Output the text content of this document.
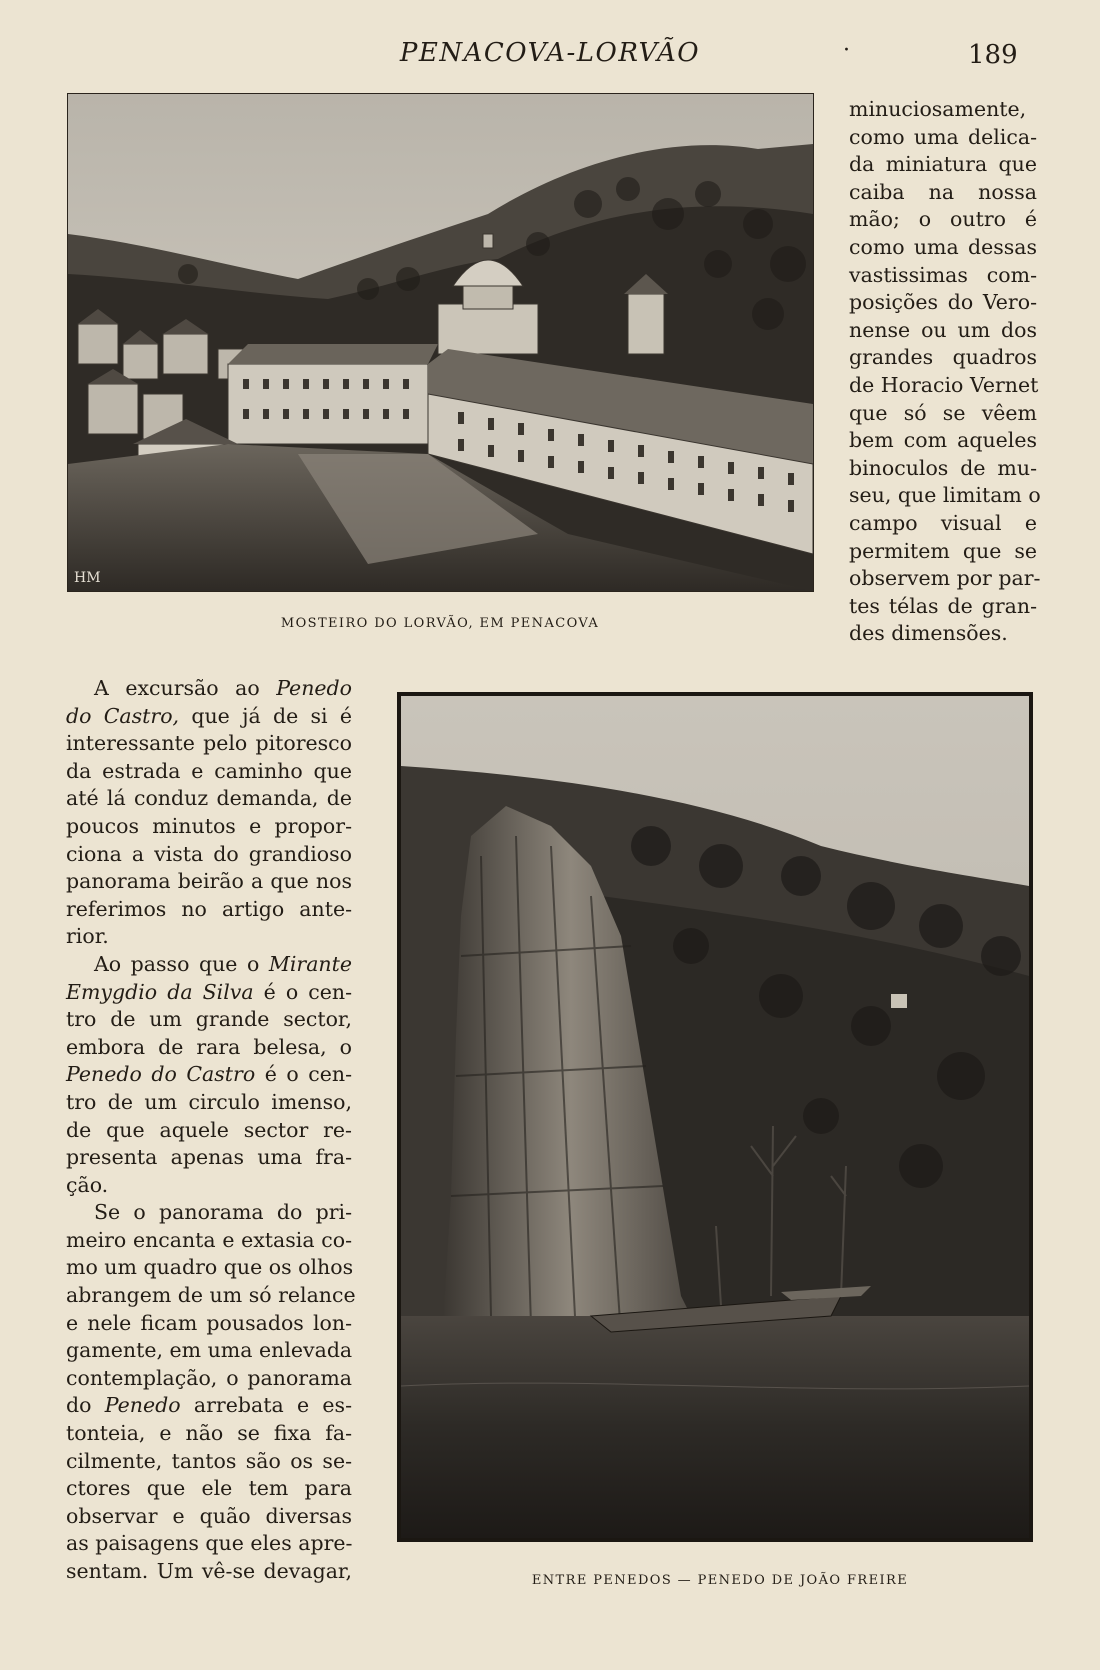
PENACOVA-LORVÃO	·	189
HM
MOSTEIRO DO LORVÃO, EM PENACOVA
ENTRE PENEDOS — PENEDO DE JOÃO FREIRE
minuciosamente,
como uma delica-
da miniatura que
caiba na nossa
mão; o outro é
como uma dessas
vastissimas com-
posições do Vero-
nense ou um dos
grandes quadros
de Horacio Vernet
que só se vêem
bem com aqueles
binoculos de mu-
seu, que limitam o
campo visual e
permitem que se
observem por par-
tes télas de gran-
des dimensões.
A excursão ao Penedo
do Castro, que já de si é
interessante pelo pitoresco
da estrada e caminho que
até lá conduz demanda, de
poucos minutos e propor-
ciona a vista do grandioso
panorama beirão a que nos
referimos no artigo ante-
rior.
Ao passo que o Mirante
Emygdio da Silva é o cen-
tro de um grande sector,
embora de rara belesa, o
Penedo do Castro é o cen-
tro de um circulo imenso,
de que aquele sector re-
presenta apenas uma fra-
ção.
Se o panorama do pri-
meiro encanta e extasia co-
mo um quadro que os olhos
abrangem de um só relance
e nele ficam pousados lon-
gamente, em uma enlevada
contemplação, o panorama
do Penedo arrebata e es-
tonteia, e não se fixa fa-
cilmente, tantos são os se-
ctores que ele tem para
observar e quão diversas
as paisagens que eles apre-
sentam. Um vê-se devagar,
